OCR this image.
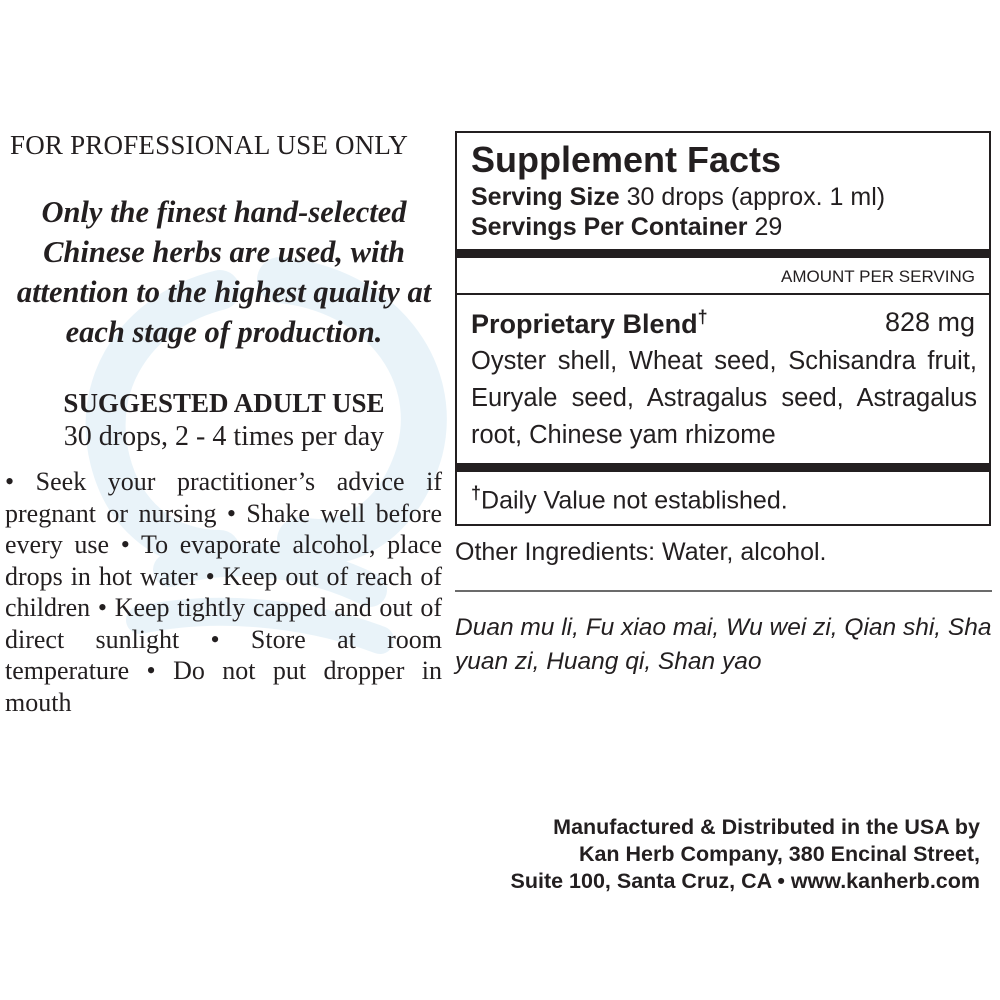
FOR PROFESSIONAL USE ONLY
Only the finest hand-selected Chinese herbs are used, with attention to the highest quality at each stage of production.
SUGGESTED ADULT USE
30 drops, 2 - 4 times per day
• Seek your practitioner’s advice if pregnant or nursing • Shake well before every use • To evaporate alcohol, place drops in hot water • Keep out of reach of children • Keep tightly capped and out of direct sunlight • Store at room temperature • Do not put dropper in mouth
Supplement Facts
Serving Size 30 drops (approx. 1 ml)
Servings Per Container 29
AMOUNT PER SERVING
Proprietary Blend†	828 mg
Oyster shell, Wheat seed, Schisandra fruit, Euryale seed, Astragalus seed, Astragalus root, Chinese yam rhizome
†Daily Value not established.
Other Ingredients: Water, alcohol.
Duan mu li, Fu xiao mai, Wu wei zi, Qian shi, Sha yuan zi, Huang qi, Shan yao
Manufactured & Distributed in the USA by
Kan Herb Company, 380 Encinal Street,
Suite 100, Santa Cruz, CA • www.kanherb.com
